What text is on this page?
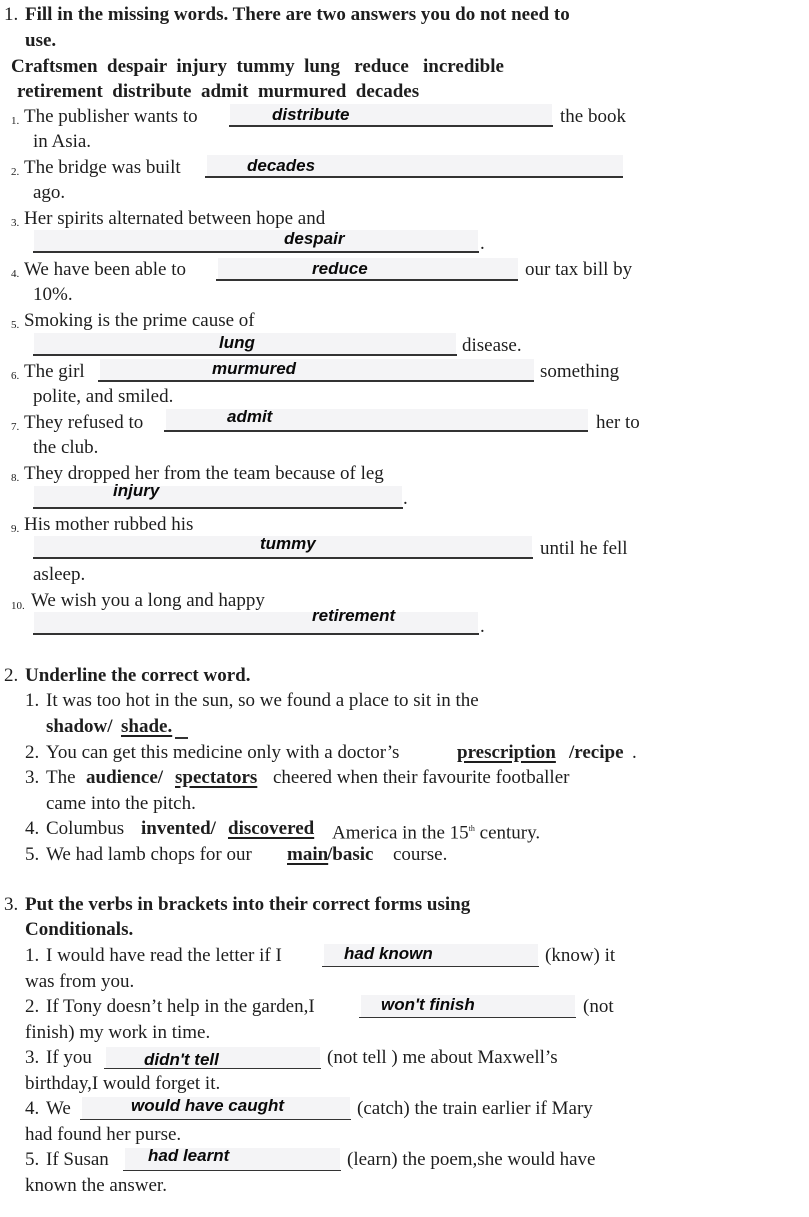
1. Fill in the missing words. There are two answers you do not need to
use.
Craftsmen  despair  injury  tummy  lung   reduce   incredible
retirement  distribute  admit  murmured  decades
1. The publisher wants to	distribute	the book
in Asia.
2. The bridge was built	decades
ago.
3. Her spirits alternated between hope and
despair	.
4. We have been able to	reduce	our tax bill by
10%.
5. Smoking is the prime cause of
lung	disease.
6. The girl	murmured	something
polite, and smiled.
7. They refused to	admit	her to
the club.
8. They dropped her from the team because of leg
injury	.
9. His mother rubbed his
tummy	until he fell
asleep.
10. We wish you a long and happy
retirement
.
2. Underline the correct word.
1. It was too hot in the sun, so we found a place to sit in the
shadow/ shade.
2. You can get this medicine only with a doctor’s	prescription /recipe .
3. The audience/ spectators cheered when their favourite footballer
came into the pitch.
4. Columbus invented/ discovered America in the 15th century.
5. We had lamb chops for our main
/basic course.
3. Put the verbs in brackets into their correct forms using
Conditionals.
1. I would have read the letter if I	had known	(know) it
was from you.
2. If Tony doesn’t help in the garden,I	won't finish	(not
finish) my work in time.
3. If you	didn't tell	(not tell ) me about Maxwell’s
birthday,I would forget it.
4. We	would have caught	(catch) the train earlier if Mary
had found her purse.
5. If Susan had learnt	(learn) the poem,she would have
known the answer.
